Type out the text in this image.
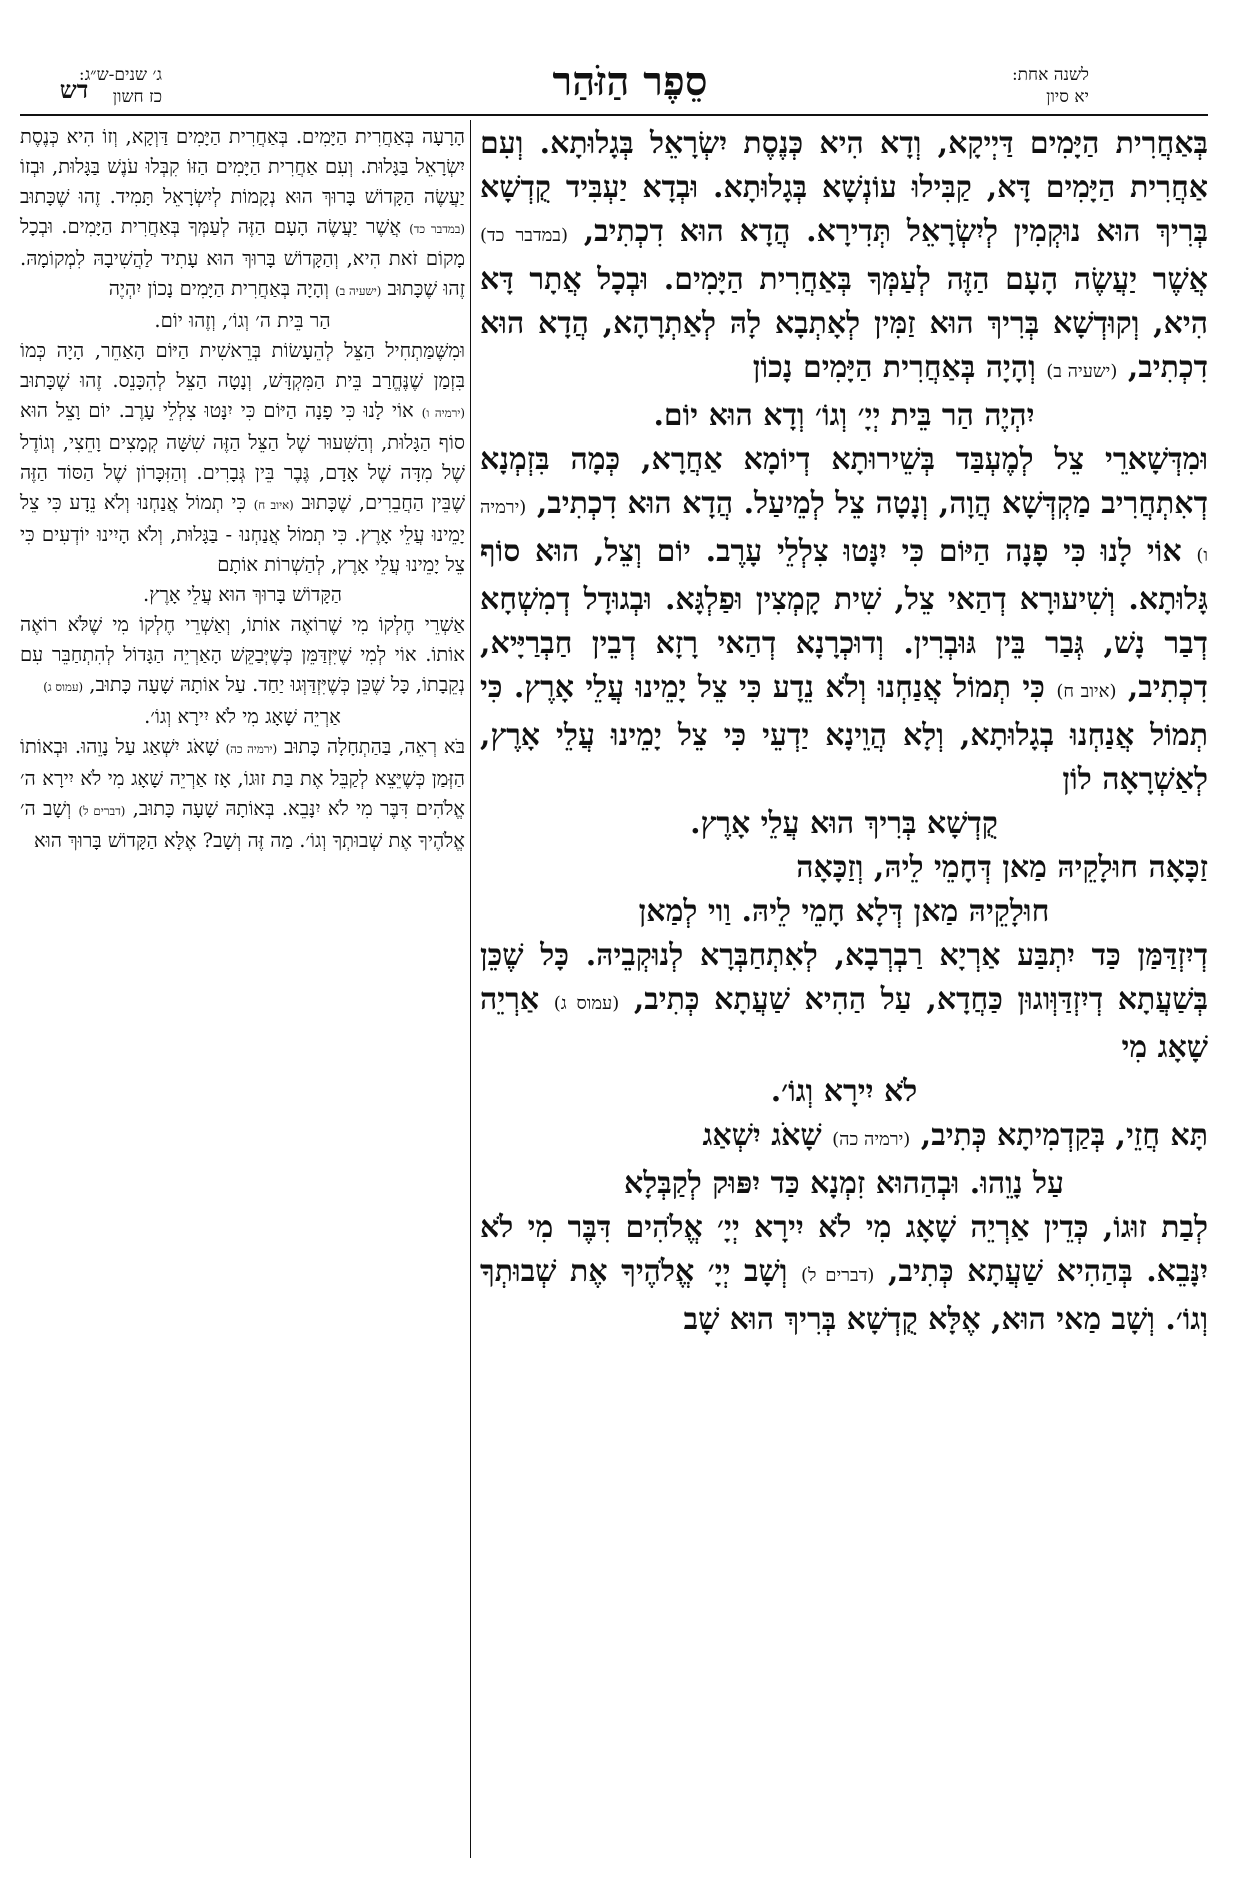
דש	לשנה אחת:
יא סיון
סֵפֶר הַזֹּהַר
ג׳ שנים-ש״ג:
כז חשון

בְּאַחֲרִית הַיָּמִים דַּיְיקָא, וְדָא הִיא כְּנֶסֶת יִשְׂרָאֵל בְּגָלוּתָא. וְעִם אַחֲרִית הַיָּמִים דָּא, קַבִּילוּ עוֹנְשָׁא בְּגָלוּתָא. וּבְדָא יַעְבִּיד קֻדְשָׁא בְּרִיךְ הוּא נוּקְמִין לְיִשְׂרָאֵל תְּדִירָא. הֲדָא הוּא דִכְתִיב, (במדבר כד) אֲשֶׁר יַעֲשֶׂה הָעָם הַזֶּה לְעַמְּךָ בְּאַחֲרִית הַיָּמִים. וּבְכָל אֲתָר דָּא הִיא, וְקוּדְשָׁא בְּרִיךְ הוּא זַמִּין לְאָתְבָא לָהּ לְאַתְרָהָא, הֲדָא הוּא דִכְתִיב, (ישעיה ב) וְהָיָה בְּאַחֲרִית הַיָּמִים נָכוֹן

יִהְיֶה הַר בֵּית יְיָ׳ וְגוֹ׳ וְדָא הוּא יוֹם.

וּמִדְּשָׁארֵי צֵל לְמֶעְבַּד בְּשֵׁירוּתָא דְיוֹמָא אַחֲרָא, כְּמָה בִּזְמְנָא דְאִתְחֲרִיב מַקְדְּשָׁא הֲוָה, וְנָטָה צֵל לְמֵיעַל. הֲדָא הוּא דִכְתִיב, (ירמיה ו) אוֹי לָנוּ כִּי פָנָה הַיּוֹם כִּי יִנָּטוּ צִלְלֵי עָרֶב. יוֹם וְצֵל, הוּא סוֹף גָּלוּתָא. וְשִׁיעוּרָא דְהַאי צֵל, שִׁית קָמְצִין וּפַלְגָּא. וּבְגוּדָל דְמִשְׁחָא דְבַר נָשׁ, גְּבַר בֵּין גּוּבְרִין. וְדוּכְרָנָא דְהַאי רָזָא דְבֵין חַבְרַיָּיא, דִכְתִיב, (איוב ח) כִּי תְמוֹל אֲנַחְנוּ וְלֹא נֵדָע כִּי צֵל יָמֵינוּ עֲלֵי אָרֶץ. כִּי תְמוֹל אֲנַחְנוּ בְגָלוּתָא, וְלָא הֲוֵינָא יַדְעֵי כִּי צֵל יָמֵינוּ עֲלֵי אָרֶץ, לְאַשְׁרָאָה לוֹן

קֻדְשָׁא בְּרִיךְ הוּא עֲלֵי אָרֶץ.

זַכָּאָה חוּלָקֵיהּ מַאן דְּחָמֵי לֵיהּ, וְזַכָּאָה

חוּלָקֵיהּ מַאן דְּלָא חָמֵי לֵיהּ. וַוי לְמַאן

דְיִזְדַּמַּן כַּד יִתְבַּע אַרְיָא רַבְרְבָא, לְאִתְחַבְּרָא לְנוּקְבֵיהּ. כָּל שֶׁכֵּן בְּשַׁעֲתָא דְיִזְדַּוְּוגוּן כַּחֲדָא, עַל הַהִיא שַׁעֲתָא כְּתִיב, (עמוס ג) אַרְיֵה שָׁאָג מִי

לֹא יִירָא וְגוֹ׳.

תָּא חֲזֵי, בְּקַדְמִיתָא כְּתִיב, (ירמיה כה) שָׁאֹג יִשְׁאַג

עַל נָוֵהוּ. וּבְהַהוּא זִמְנָא כַּד יִפּוּק לְקַבְּלָא

לְבַת זוּגוֹ, כְּדֵין אַרְיֵה שָׁאָג מִי לֹא יִירָא יְיָ׳ אֱלֹהִים דִּבֶּר מִי לֹא יִנָּבֵא. בְּהַהִיא שַׁעֲתָא כְּתִיב, (דברים ל) וְשָׁב יְיָ׳ אֱלֹהֶיךָ אֶת שְׁבוּתְךָ וְגוֹ׳. וְשָׁב מַאי הוּא, אֶלָּא קֻדְשָׁא בְּרִיךְ הוּא שָׁב

הָרָעָה בְּאַחֲרִית הַיָּמִים. בְּאַחֲרִית הַיָּמִים דַּוְקָא, וְזוֹ הִיא כְּנֶסֶת יִשְׂרָאֵל בַּגָּלוּת. וְעִם אַחֲרִית הַיָּמִים הַזּוֹ קִבְּלוּ עֹנֶשׁ בַּגָּלוּת, וּבְזוֹ יַעֲשֶׂה הַקָּדוֹשׁ בָּרוּךְ הוּא נְקָמוֹת לְיִשְׂרָאֵל תָּמִיד. זֶהוּ שֶׁכָּתוּב (במדבר כד) אֲשֶׁר יַעֲשֶׂה הָעָם הַזֶּה לְעַמְּךָ בְּאַחֲרִית הַיָּמִים. וּבְכָל מָקוֹם זֹאת הִיא, וְהַקָּדוֹשׁ בָּרוּךְ הוּא עָתִיד לַהֲשִׁיבָהּ לִמְקוֹמָהּ. זֶהוּ שֶׁכָּתוּב (ישעיה ב) וְהָיָה בְּאַחֲרִית הַיָּמִים נָכוֹן יִהְיֶה

הַר בֵּית ה׳ וְגוֹ׳, וְזֶהוּ יוֹם.

וּמִשֶּׁמַּתְחִיל הַצֵּל לְהֵעָשׂוֹת בְּרֵאשִׁית הַיּוֹם הָאַחֵר, הָיָה כְּמוֹ בִּזְמַן שֶׁנֶּחֱרַב בֵּית הַמִּקְדָּשׁ, וְנָטָה הַצֵּל לְהִכָּנֵס. זֶהוּ שֶׁכָּתוּב (ירמיה ו) אוֹי לָנוּ כִּי פָנָה הַיּוֹם כִּי יִנָּטוּ צִלְלֵי עָרֶב. יוֹם וָצֵל הוּא סוֹף הַגָּלוּת, וְהַשִּׁעוּר שֶׁל הַצֵּל הַזֶּה שִׁשָּׁה קְמָצִים וָחֵצִי, וְגוֹדֶל שֶׁל מִדָּה שֶׁל אָדָם, גֶּבֶר בֵּין גְּבָרִים. וְהַזִּכָּרוֹן שֶׁל הַסּוֹד הַזֶּה שֶׁבֵּין הַחֲבֵרִים, שֶׁכָּתוּב (איוב ח) כִּי תְמוֹל אֲנַחְנוּ וְלֹא נֵדָע כִּי צֵל יָמֵינוּ עֲלֵי אָרֶץ. כִּי תְמוֹל אֲנַחְנוּ - בַּגָּלוּת, וְלֹא הָיִינוּ יוֹדְעִים כִּי צֵל יָמֵינוּ עֲלֵי אָרֶץ, לְהַשְׁרוֹת אוֹתָם

הַקָּדוֹשׁ בָּרוּךְ הוּא עֲלֵי אָרֶץ.

אַשְׁרֵי חֶלְקוֹ מִי שֶׁרוֹאֶה אוֹתוֹ, וְאַשְׁרֵי חֶלְקוֹ מִי שֶׁלֹּא רוֹאֶה אוֹתוֹ. אוֹי לְמִי שֶׁיִּזְדַּמֵּן כְּשֶׁיְּבַקֵּשׁ הָאַרְיֵה הַגָּדוֹל לְהִתְחַבֵּר עִם נְקֵבָתוֹ, כָּל שֶׁכֵּן כְּשֶׁיִּזְדַּוְּגוּ יַחַד. עַל אוֹתָהּ שָׁעָה כָּתוּב, (עמוס ג)

אַרְיֵה שָׁאָג מִי לֹא יִירָא וְגוֹ׳.

בֹּא רְאֵה, בַּהַתְחָלָה כָּתוּב (ירמיה כה) שָׁאֹג יִשְׁאַג עַל נָוֵהוּ. וּבְאוֹתוֹ הַזְּמַן כְּשֶׁיֵּצֵא לְקַבֵּל אֶת בַּת זוּגוֹ, אָז אַרְיֵה שָׁאָג מִי לֹא יִירָא ה׳ אֱלֹהִים דִּבֶּר מִי לֹא יִנָּבֵא. בְּאוֹתָהּ שָׁעָה כָּתוּב, (דברים ל) וְשָׁב ה׳ אֱלֹהֶיךָ אֶת שְׁבוּתְךָ וְגוֹ׳. מַה זֶּה וְשָׁב? אֶלָּא הַקָּדוֹשׁ בָּרוּךְ הוּא
